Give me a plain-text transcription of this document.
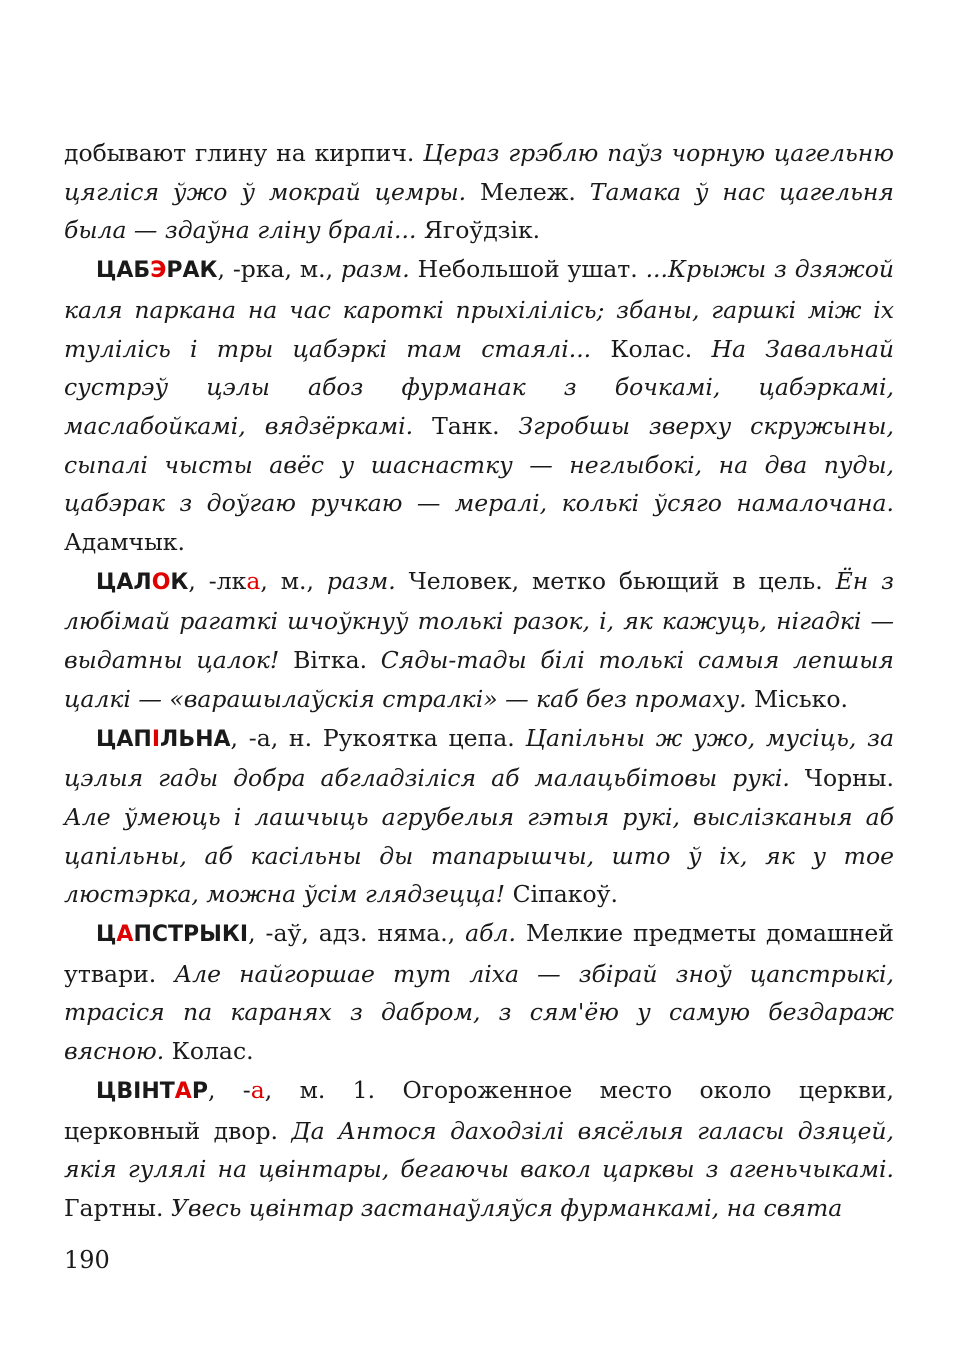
добывают глину на кирпич. Цераз грэблю паўз чорную цагельню цягліся ўжо ў мокрай цемры. Мележ. Тамака ў нас цагельня была — здаўна гліну бралі... Ягоўдзік.

ЦАБЭРАК, -рка, м., разм. Небольшой ушат. ...Крыжы з дзяжой каля паркана на час кароткі прыхілілісь; збаны, гаршкі між іх тулілісь і тры цабэркі там стаялі... Колас. На Завальнай сустрэў цэлы абоз фурманак з бочкамі, цабэркамі, маслабойкамі, вядзёркамі. Танк. Згробшы зверху скружыны, сыпалі чысты авёс у шаснастку — неглыбокі, на два пуды, цабэрак з доўгаю ручкаю — мералі, колькі ўсяго намалочана. Адамчык.

ЦАЛОК, -лка, м., разм. Человек, метко бьющий в цель. Ён з любімай рагаткі шчоўкнуў толькі разок, і, як кажуць, нігадкі — выдатны цалок! Вітка. Сяды-тады білі толькі самыя лепшыя цалкі — «варашылаўскія стралкі» — каб без промаху. Місько.

ЦАПІЛЬНА, -а, н. Рукоятка цепа. Цапільны ж ужо, мусіць, за цэлыя гады добра абгладзіліся аб малацьбітовы рукі. Чорны. Але ўмеюць і лашчыць агрубелыя гэтыя рукі, выслізканыя аб цапільны, аб касільны ды тапарышчы, што ў іх, як у тое люстэрка, можна ўсім глядзецца! Сіпакоў.

ЦАПСТРЫКІ, -аў, адз. няма., абл. Мелкие предметы домашней утвари. Але найгоршае тут ліха — збірай зноў цапстрыкі, трасіся па каранях з дабром, з сям'ёю у самую бездараж вясною. Колас.

ЦВІНТАР, -а, м. 1. Огороженное место около церкви, церковный двор. Да Антося даходзілі вясёлыя галасы дзяцей, якія гулялі на цвінтары, бегаючы вакол царквы з агеньчыкамі. Гартны. Увесь цвінтар застанаўляўся фурманкамі, на свята

190
